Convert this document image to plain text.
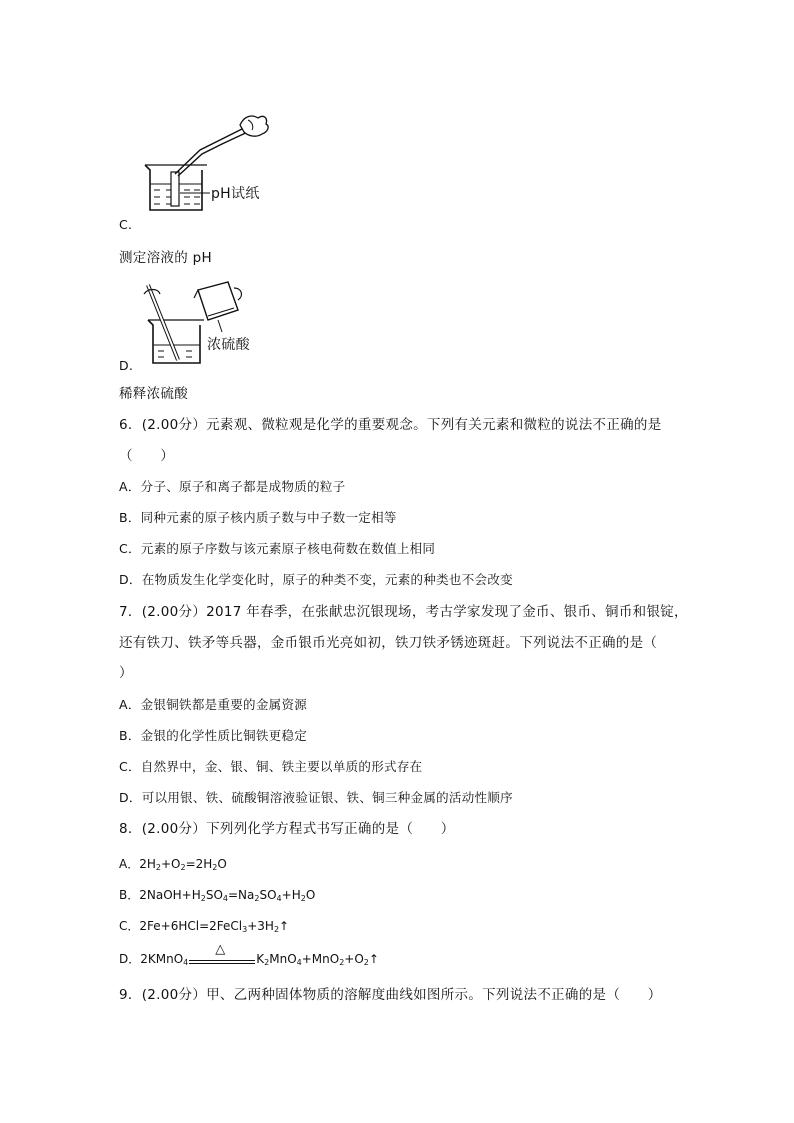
pH试纸
C.
测定溶液的 pH
浓硫酸
D.
稀释浓硫酸
6．(2.00分）元素观、微粒观是化学的重要观念。下列有关元素和微粒的说法不正确的是
（　　）
A．分子、原子和离子都是成物质的粒子
B．同种元素的原子核内质子数与中子数一定相等
C．元素的原子序数与该元素原子核电荷数在数值上相同
D．在物质发生化学变化时，原子的种类不变，元素的种类也不会改变
7．(2.00分）2017 年春季，在张献忠沉银现场，考古学家发现了金币、银币、铜币和银锭，
还有铁刀、铁矛等兵器，金币银币光亮如初，铁刀铁矛锈迹斑赶。下列说法不正确的是（
）
A．金银铜铁都是重要的金属资源
B．金银的化学性质比铜铁更稳定
C．自然界中，金、银、铜、铁主要以单质的形式存在
D．可以用银、铁、硫酸铜溶液验证银、铁、铜三种金属的活动性顺序
8．(2.00分）下列列化学方程式书写正确的是（　　）
A．$2H_2+O_2=2H_2O$
B．$2NaOH+H_2SO_4=Na_2SO_4+H_2O$
C．$2Fe+6HCl=2FeCl_3+3H_2↑$
D．2KMnO$_4$
△
$K_2MnO_4+MnO_2+O_2↑$
9．(2.00分）甲、乙两种固体物质的溶解度曲线如图所示。下列说法不正确的是（　　）
